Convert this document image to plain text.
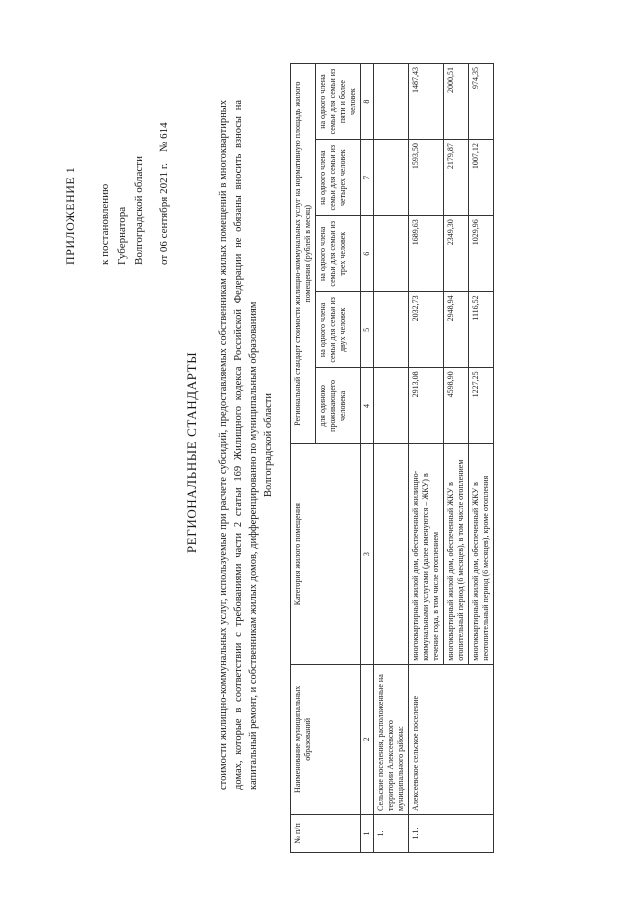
ПРИЛОЖЕНИЕ 1 к постановлению Губернатора Волгоградской области от 06 сентября 2021 г.    № 614
РЕГИОНАЛЬНЫЕ СТАНДАРТЫ стоимости жилищно-коммунальных услуг, используемые при расчете субсидий, предоставляемых собственникам жилых помещений в многоквартирных домах, которые в соответствии с требованиями части 2 статьи 169 Жилищного кодекса Российской Федерации не обязаны вносить взносы на капитальный ремонт, и собственникам жилых домов, дифференцированно по муниципальным образованиям Волгоградской области
№ п/п	Наименование муниципальных образований	Категория жилого помещения	Региональный стандарт стоимости жилищно-коммунальных услуг на нормативную площадь жилого помещения (рублей в месяц)				
			для одиноко проживающего человека	на одного члена семьи для семьи из двух человек	на одного члена семьи для семьи из трех человек	на одного члена семьи для семьи из четырех человек	на одного члена семьи для семьи из пяти и более человек
1	2	3	4	5	6	7	8
1.	Сельские поселения, расположенные на территории Алексеевского муниципального района:						
1.1.	Алексеевское сельское поселение	многоквартирный жилой дом, обеспеченный жилищно-коммунальными услугами (далее именуются – ЖКУ) в течение года, в том числе отоплением	2913,08	2032,73	1689,63	1593,50	1487,43
		многоквартирный жилой дом, обеспеченный ЖКУ в отопительный период (6 месяцев), в том числе отоплением	4598,90	2948,94	2349,30	2179,87	2000,51
		многоквартирный жилой дом, обеспеченный ЖКУ в неотопительный период (6 месяцев), кроме отопления	1227,25	1116,52	1029,96	1007,12	974,35
